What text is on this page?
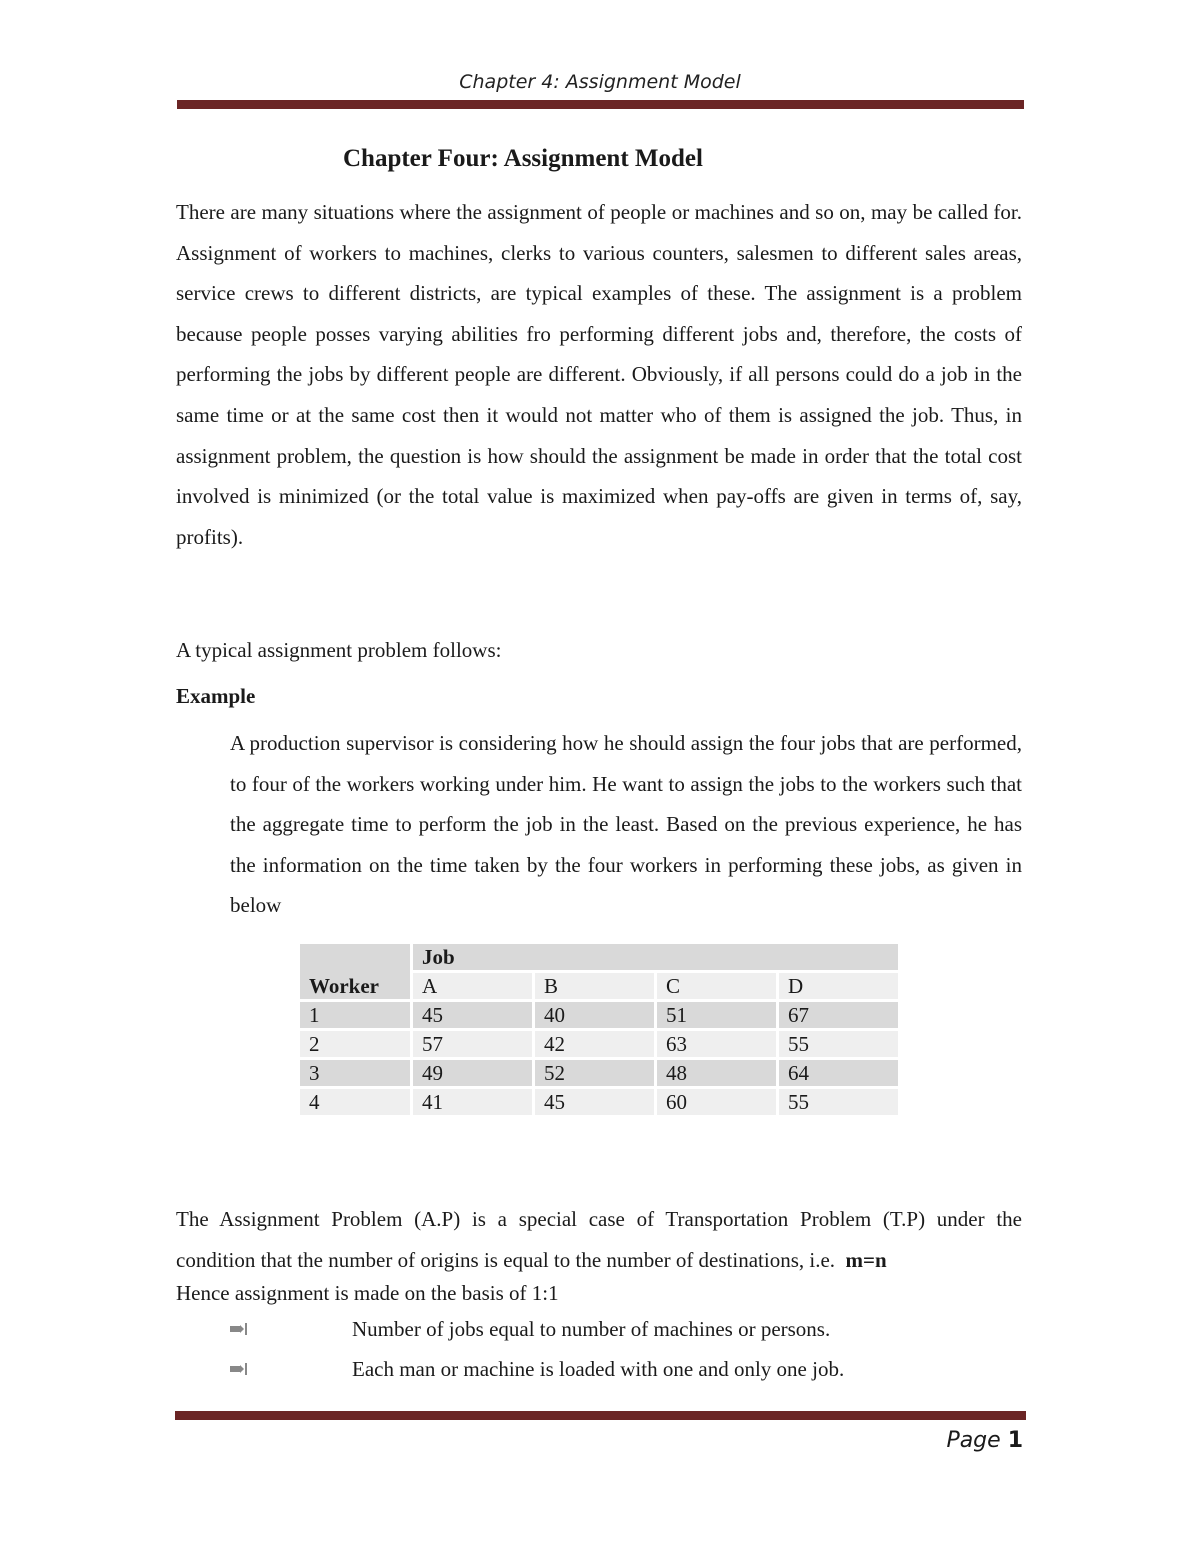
Chapter 4: Assignment Model
Chapter Four: Assignment Model
There are many situations where the assignment of people or machines and so on, may be called for. Assignment of workers to machines, clerks to various counters, salesmen to different sales areas, service crews to different districts, are typical examples of these. The assignment is a problem because people posses varying abilities fro performing different jobs and, therefore, the costs of performing the jobs by different people are different. Obviously, if all persons could do a job in the same time or at the same cost then it would not matter who of them is assigned the job. Thus, in assignment problem, the question is how should the assignment be made in order that the total cost involved is minimized (or the total value is maximized when pay-offs are given in terms of, say, profits).
A typical assignment problem follows:
Example
A production supervisor is considering how he should assign the four jobs that are performed, to four of the workers working under him. He want to assign the jobs to the workers such that the aggregate time to perform the job in the least. Based on the previous experience, he has the information on the time taken by the four workers in performing these jobs, as given in below
Worker	Job			
	A	B	C	D
1	45	40	51	67
2	57	42	63	55
3	49	52	48	64
4	41	45	60	55
The Assignment Problem (A.P) is a special case of Transportation Problem (T.P) under the condition that the number of origins is equal to the number of destinations, i.e. m=n
Hence assignment is made on the basis of 1:1
Number of jobs equal to number of machines or persons.
Each man or machine is loaded with one and only one job.
Page 1
